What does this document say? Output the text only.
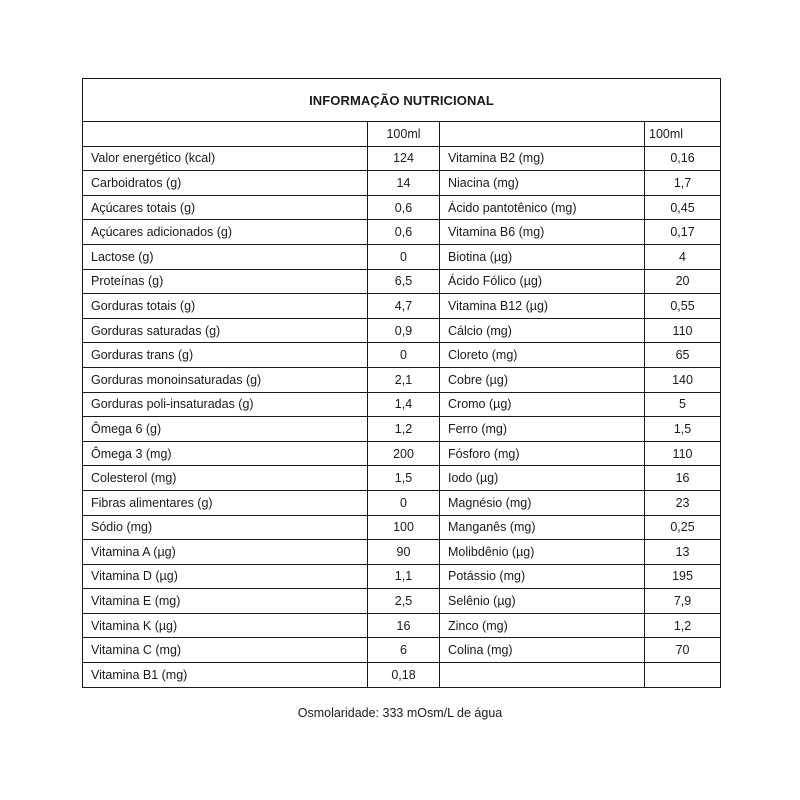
INFORMAÇÃO NUTRICIONAL			
	100ml		100ml
Valor energético (kcal)	124	Vitamina B2 (mg)	0,16
Carboidratos (g)	14	Niacina (mg)	1,7
Açúcares totais (g)	0,6	Ácido pantotênico (mg)	0,45
Açúcares adicionados (g)	0,6	Vitamina B6 (mg)	0,17
Lactose (g)	0	Biotina (µg)	4
Proteínas (g)	6,5	Ácido Fólico (µg)	20
Gorduras totais (g)	4,7	Vitamina B12 (µg)	0,55
Gorduras saturadas (g)	0,9	Cálcio (mg)	110
Gorduras trans (g)	0	Cloreto (mg)	65
Gorduras monoinsaturadas (g)	2,1	Cobre (µg)	140
Gorduras poli-insaturadas (g)	1,4	Cromo (µg)	5
Ômega 6 (g)	1,2	Ferro (mg)	1,5
Ômega 3 (mg)	200	Fósforo (mg)	110
Colesterol (mg)	1,5	Iodo (µg)	16
Fibras alimentares (g)	0	Magnésio (mg)	23
Sódio (mg)	100	Manganês (mg)	0,25
Vitamina A (µg)	90	Molibdênio (µg)	13
Vitamina D (µg)	1,1	Potássio (mg)	195
Vitamina E (mg)	2,5	Selênio (µg)	7,9
Vitamina K (µg)	16	Zinco (mg)	1,2
Vitamina C (mg)	6	Colina (mg)	70
Vitamina B1 (mg)	0,18		
Osmolaridade: 333 mOsm/L de água
